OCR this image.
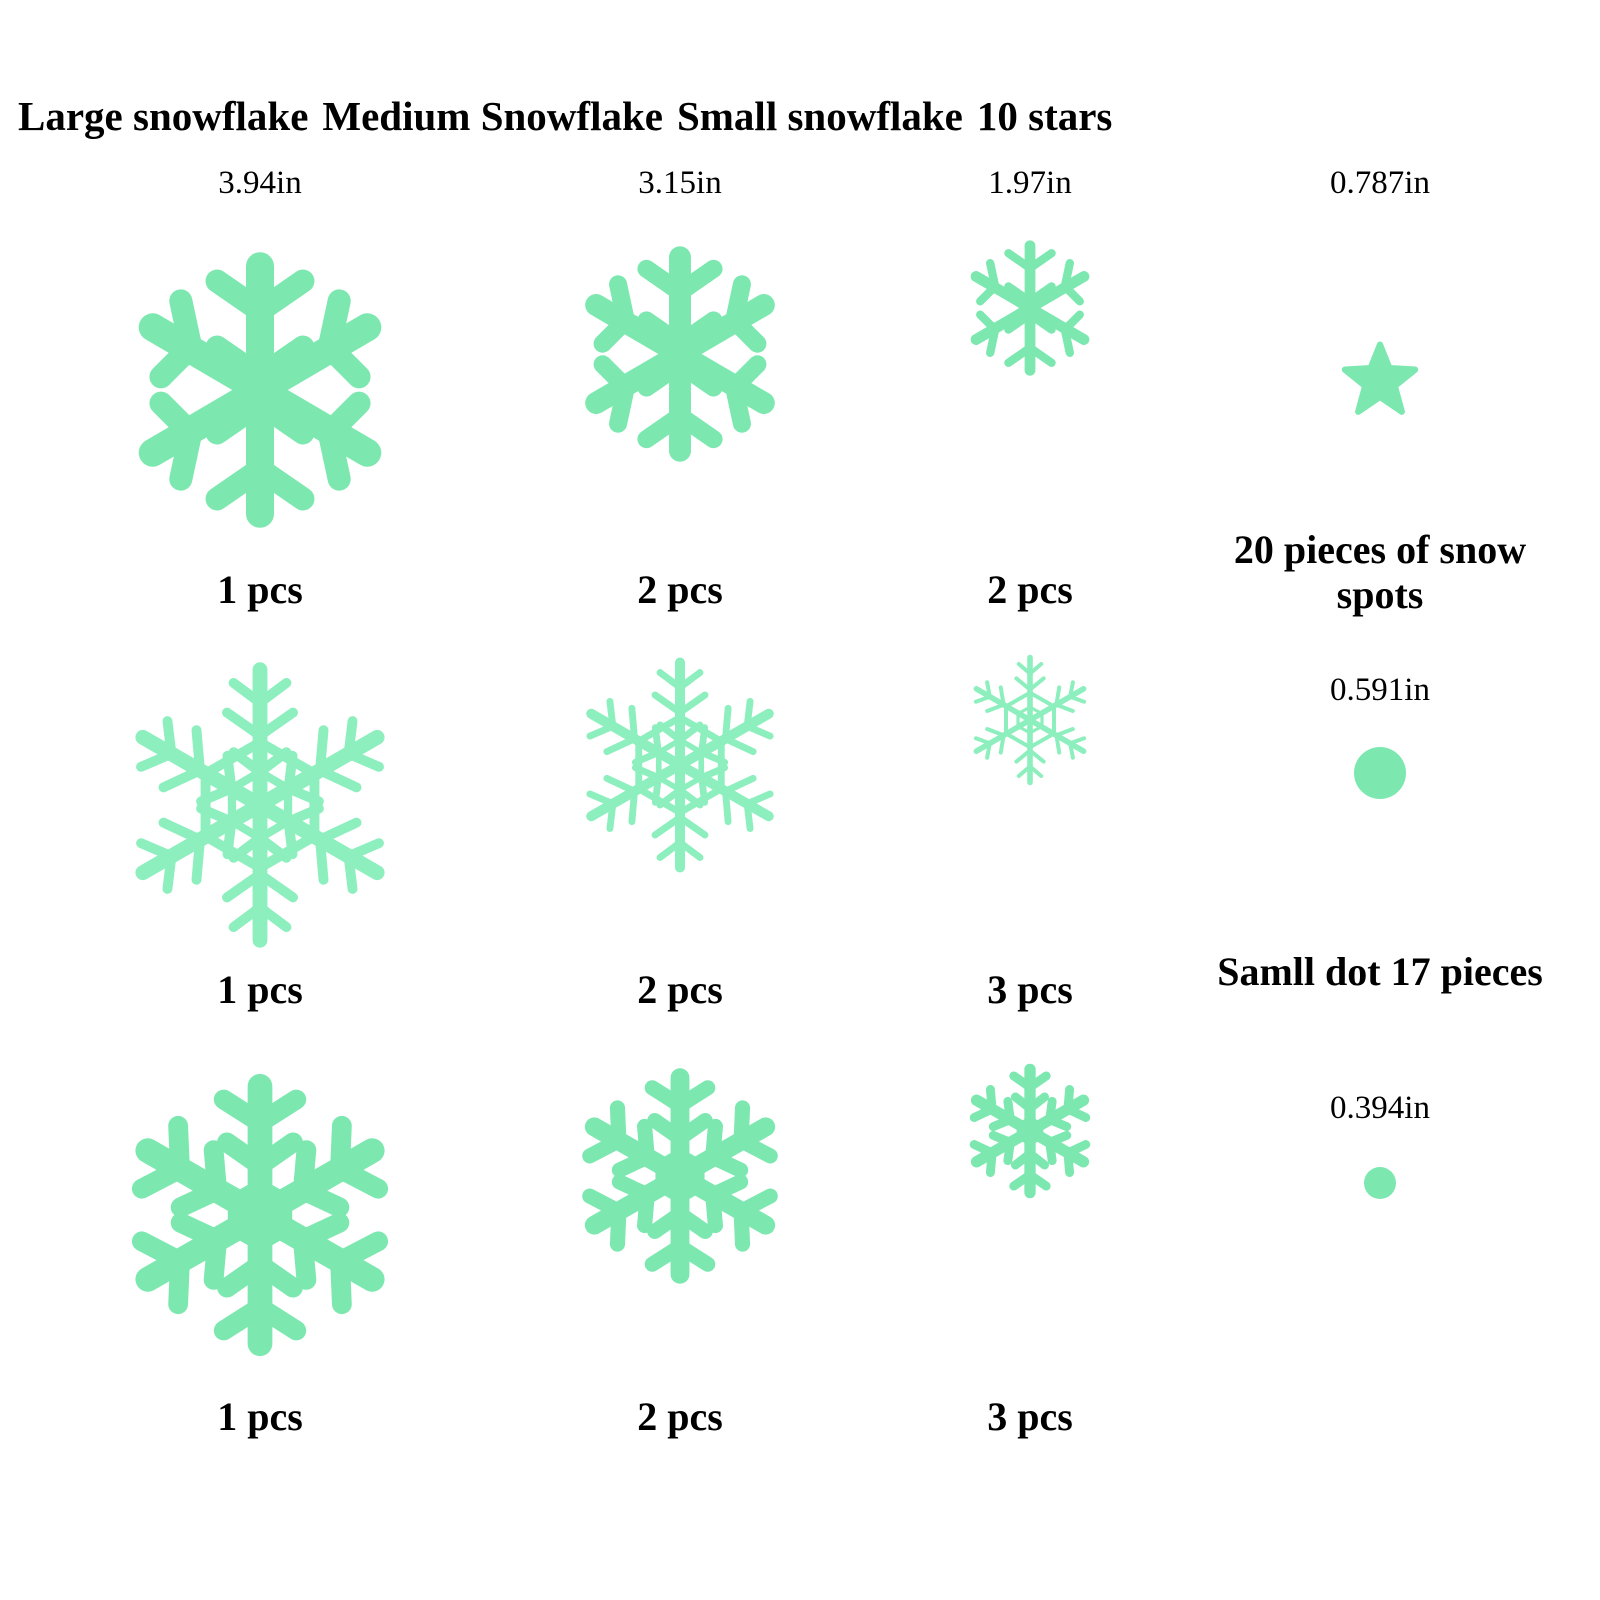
Large snowflake Medium Snowflake Small snowflake 10 stars

3.94in	3.15in	1.97in	0.787in

1 pcs	2 pcs	2 pcs

20 pieces of snow spots

0.591in

1 pcs	2 pcs	3 pcs	Samll dot 17 pieces

0.394in

1 pcs	2 pcs	3 pcs
